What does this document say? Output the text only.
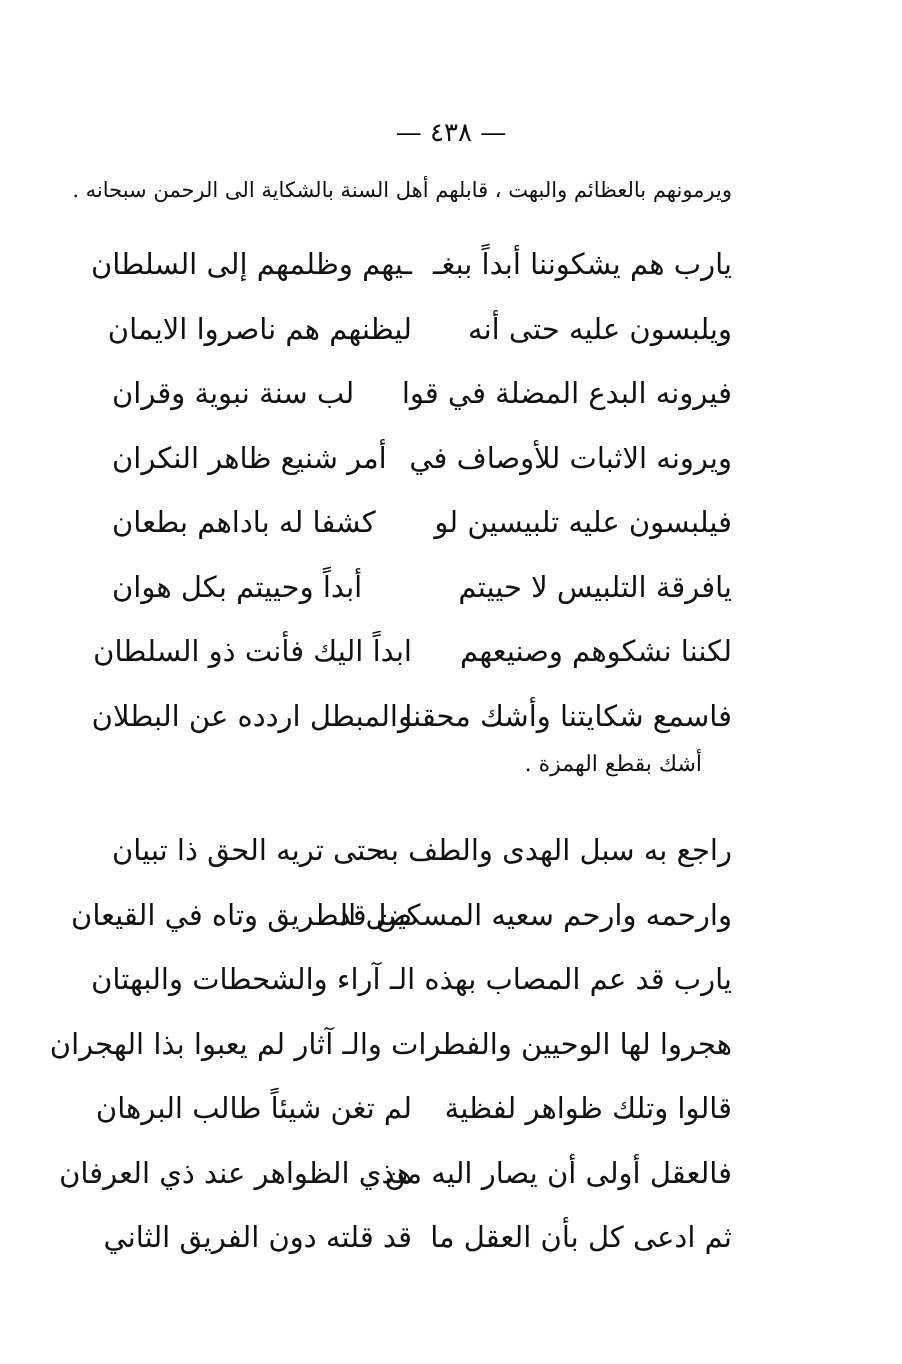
— ٤٣٨ —
ويرمونهم بالعظائم والبهت ، قابلهم أهل السنة بالشكاية الى الرحمن سبحانه .
يارب هم يشكوننا أبداً ببغـ
ـيهم وظلمهم إلى السلطان
ويلبسون عليه حتى أنه
ليظنهم هم ناصروا الايمان
فيرونه البدع المضلة في قوا
لب سنة نبوية وقران
ويرونه الاثبات للأوصاف في
أمر شنيع ظاهر النكران
فيلبسون عليه تلبيسين لو
كشفا له باداهم بطعان
يافرقة التلبيس لا حييتم
أبداً وحييتم بكل هوان
لكننا نشكوهم وصنيعهم
ابداً اليك فأنت ذو السلطان
فاسمع شكايتنا وأشك محقنا
والمبطل اردده عن البطلان
أشك بقطع الهمزة .
راجع به سبل الهدى والطف به
حتى تريه الحق ذا تبيان
وارحمه وارحم سعيه المسكين قد
ضل الطريق وتاه في القيعان
يارب قد عم المصاب بهذه الـ آراء والشحطات والبهتان
هجروا لها الوحيين والفطرات والـ آثار لم يعبوا بذا الهجران
قالوا وتلك ظواهر لفظية
لم تغن شيئاً طالب البرهان
فالعقل أولى أن يصار اليه من
هذي الظواهر عند ذي العرفان
ثم ادعى كل بأن العقل ما
قد قلته دون الفريق الثاني
